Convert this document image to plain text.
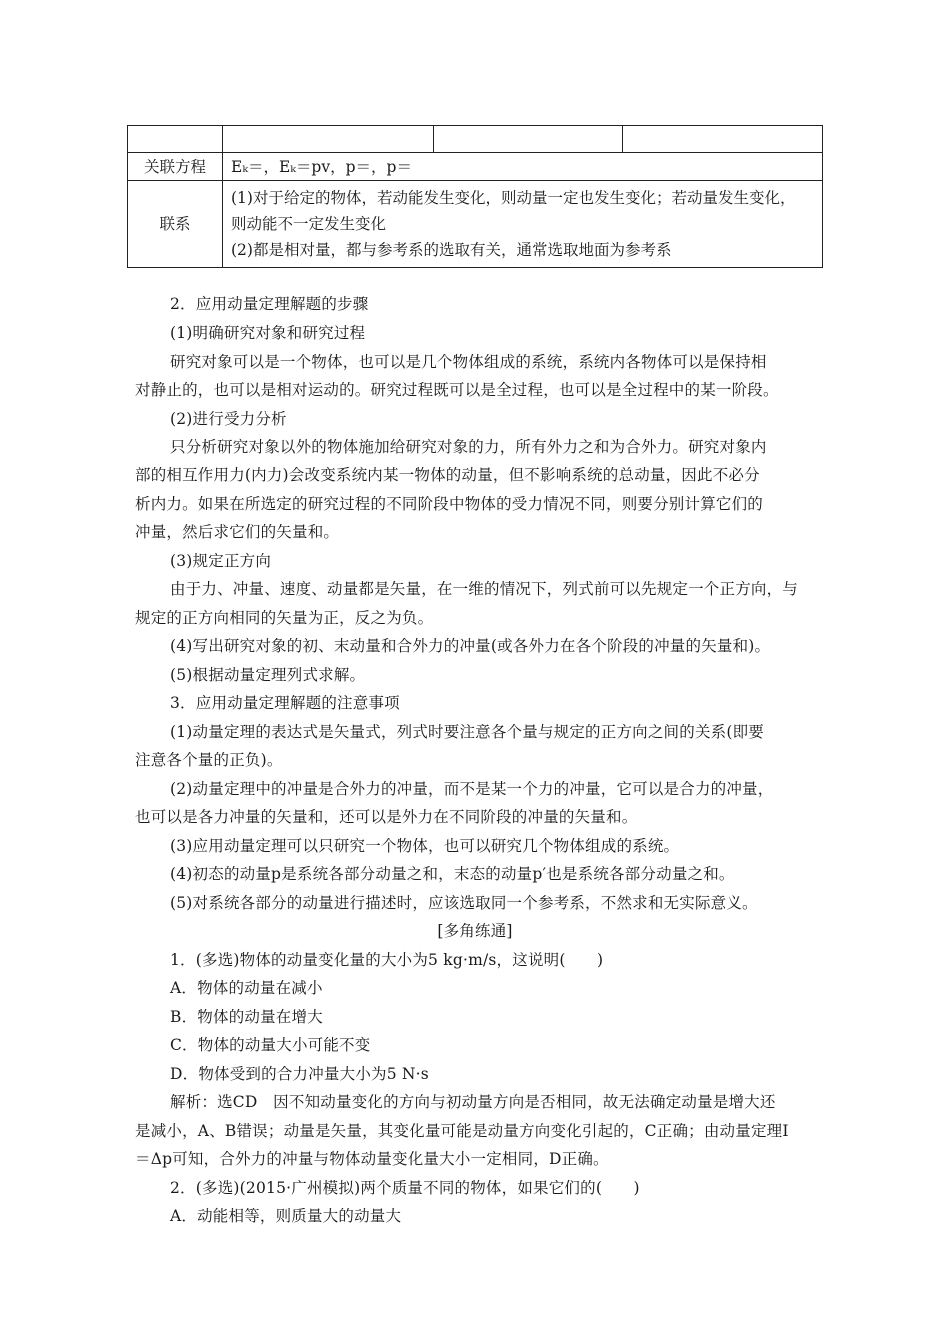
关联方程	Eₖ＝，Eₖ＝pv，p＝，p＝		
联系	(1)对于给定的物体，若动能发生变化，则动量一定也发生变化；若动量发生变化，
则动能不一定发生变化
(2)都是相对量，都与参考系的选取有关，通常选取地面为参考系		
2．应用动量定理解题的步骤
(1)明确研究对象和研究过程
研究对象可以是一个物体，也可以是几个物体组成的系统，系统内各物体可以是保持相
对静止的，也可以是相对运动的。研究过程既可以是全过程，也可以是全过程中的某一阶段。
(2)进行受力分析
只分析研究对象以外的物体施加给研究对象的力，所有外力之和为合外力。研究对象内
部的相互作用力(内力)会改变系统内某一物体的动量，但不影响系统的总动量，因此不必分
析内力。如果在所选定的研究过程的不同阶段中物体的受力情况不同，则要分别计算它们的
冲量，然后求它们的矢量和。
(3)规定正方向
由于力、冲量、速度、动量都是矢量，在一维的情况下，列式前可以先规定一个正方向，与
规定的正方向相同的矢量为正，反之为负。
(4)写出研究对象的初、末动量和合外力的冲量(或各外力在各个阶段的冲量的矢量和)。
(5)根据动量定理列式求解。
3．应用动量定理解题的注意事项
(1)动量定理的表达式是矢量式，列式时要注意各个量与规定的正方向之间的关系(即要
注意各个量的正负)。
(2)动量定理中的冲量是合外力的冲量，而不是某一个力的冲量，它可以是合力的冲量，
也可以是各力冲量的矢量和，还可以是外力在不同阶段的冲量的矢量和。
(3)应用动量定理可以只研究一个物体，也可以研究几个物体组成的系统。
(4)初态的动量p是系统各部分动量之和，末态的动量p′也是系统各部分动量之和。
(5)对系统各部分的动量进行描述时，应该选取同一个参考系，不然求和无实际意义。
[多角练通]
1．(多选)物体的动量变化量的大小为5 kg·m/s，这说明(　　)
A．物体的动量在减小
B．物体的动量在增大
C．物体的动量大小可能不变
D．物体受到的合力冲量大小为5 N·s
解析：选CD　因不知动量变化的方向与初动量方向是否相同，故无法确定动量是增大还
是减小，A、B错误；动量是矢量，其变化量可能是动量方向变化引起的，C正确；由动量定理I
＝Δp可知，合外力的冲量与物体动量变化量大小一定相同，D正确。
2．(多选)(2015·广州模拟)两个质量不同的物体，如果它们的(　　)
A．动能相等，则质量大的动量大
